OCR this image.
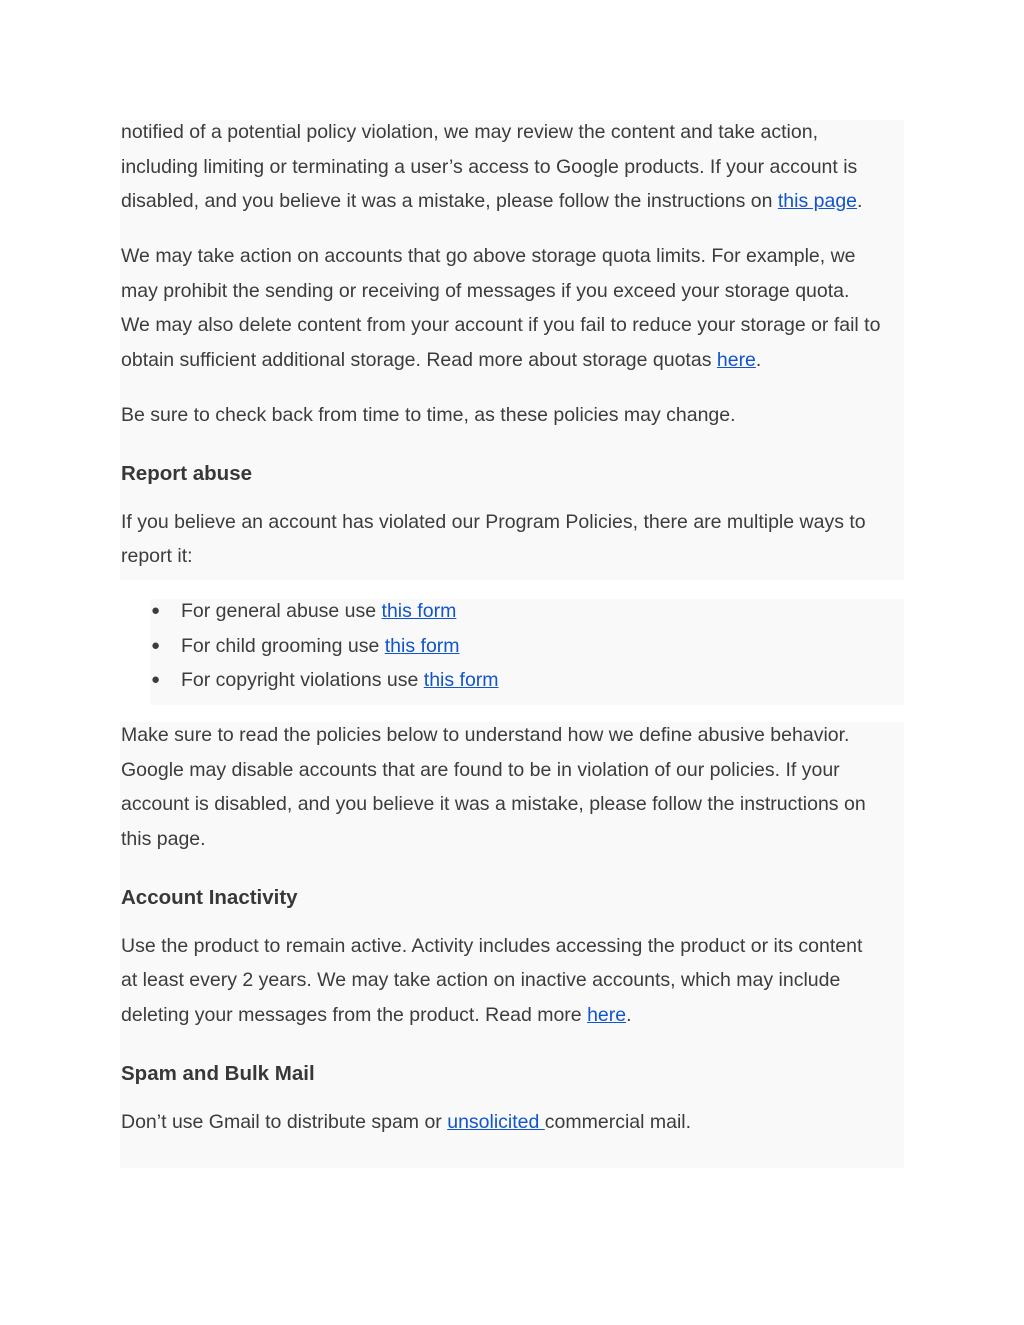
notified of a potential policy violation, we may review the content and take action,
including limiting or terminating a user’s access to Google products. If your account is
disabled, and you believe it was a mistake, please follow the instructions on this page.
We may take action on accounts that go above storage quota limits. For example, we
may prohibit the sending or receiving of messages if you exceed your storage quota.
We may also delete content from your account if you fail to reduce your storage or fail to
obtain sufficient additional storage. Read more about storage quotas here.
Be sure to check back from time to time, as these policies may change.
Report abuse
If you believe an account has violated our Program Policies, there are multiple ways to
report it:
● For general abuse use this form
● For child grooming use this form
● For copyright violations use this form
Make sure to read the policies below to understand how we define abusive behavior.
Google may disable accounts that are found to be in violation of our policies. If your
account is disabled, and you believe it was a mistake, please follow the instructions on
this page.
Account Inactivity
Use the product to remain active. Activity includes accessing the product or its content
at least every 2 years. We may take action on inactive accounts, which may include
deleting your messages from the product. Read more here.
Spam and Bulk Mail
Don’t use Gmail to distribute spam or unsolicited commercial mail.
